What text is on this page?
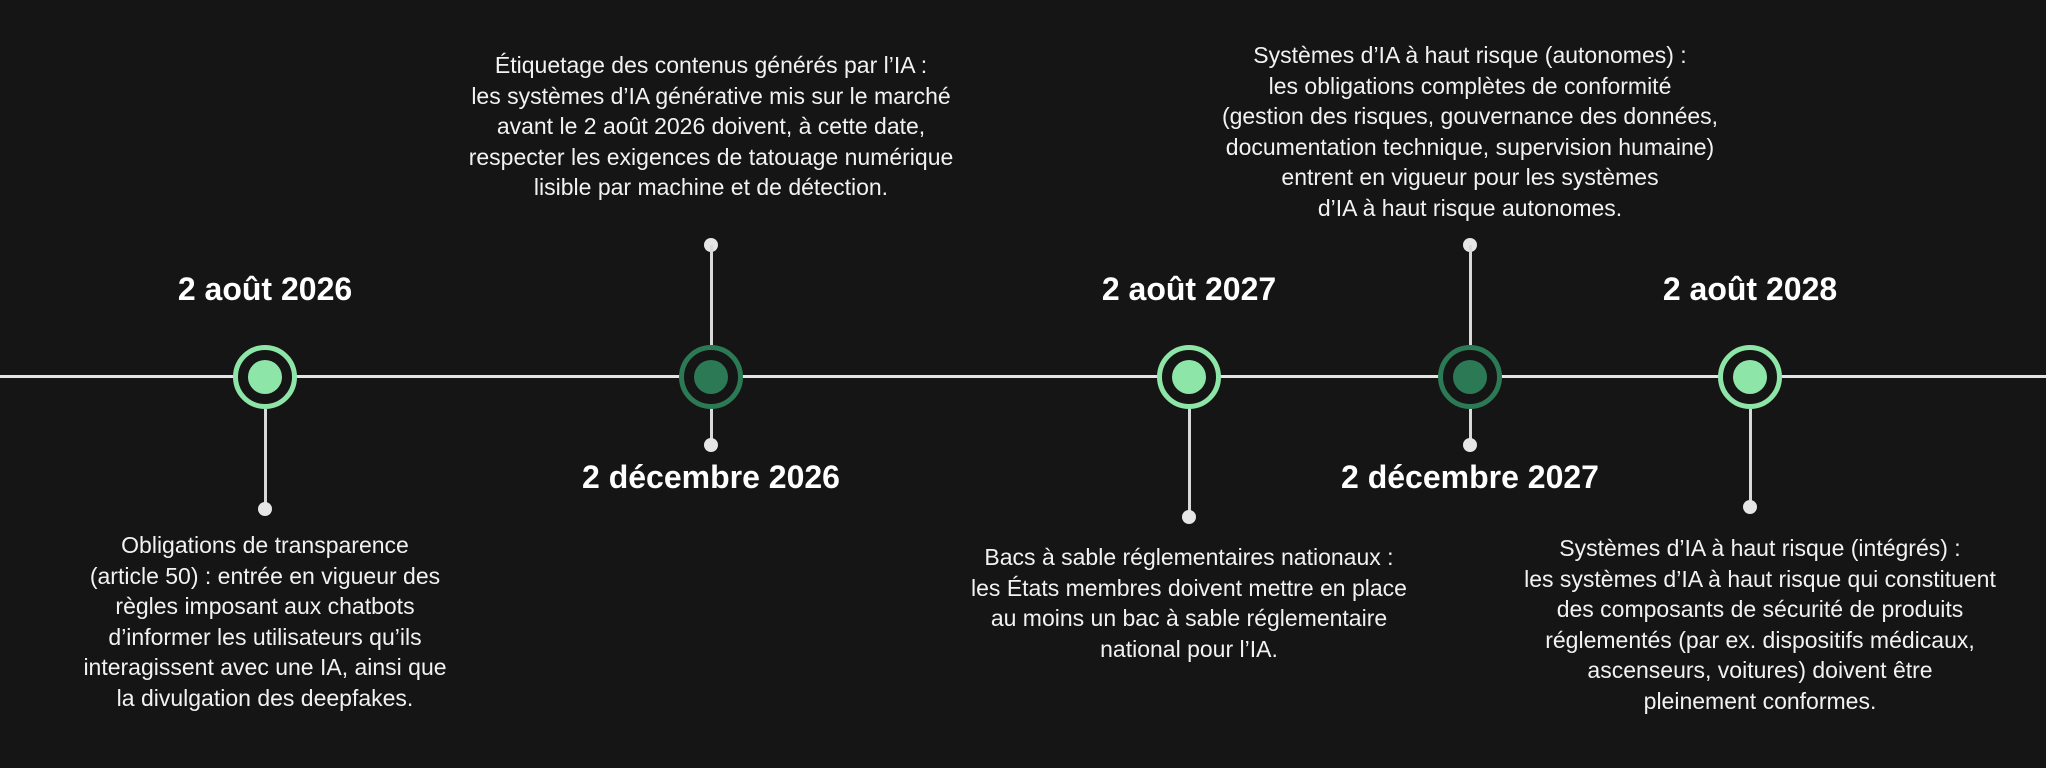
2 août 2026
Obligations de transparence
(article 50) : entrée en vigueur des
règles imposant aux chatbots
d’informer les utilisateurs qu’ils
interagissent avec une IA, ainsi que
la divulgation des deepfakes.
Étiquetage des contenus générés par l’IA :
les systèmes d’IA générative mis sur le marché
avant le 2 août 2026 doivent, à cette date,
respecter les exigences de tatouage numérique
lisible par machine et de détection.
2 décembre 2026
2 août 2027
Bacs à sable réglementaires nationaux :
les États membres doivent mettre en place
au moins un bac à sable réglementaire
national pour l’IA.
Systèmes d’IA à haut risque (autonomes) :
les obligations complètes de conformité
(gestion des risques, gouvernance des données,
documentation technique, supervision humaine)
entrent en vigueur pour les systèmes
d’IA à haut risque autonomes.
2 décembre 2027
2 août 2028
Systèmes d’IA à haut risque (intégrés) :
les systèmes d’IA à haut risque qui constituent
des composants de sécurité de produits
réglementés (par ex. dispositifs médicaux,
ascenseurs, voitures) doivent être
pleinement conformes.
